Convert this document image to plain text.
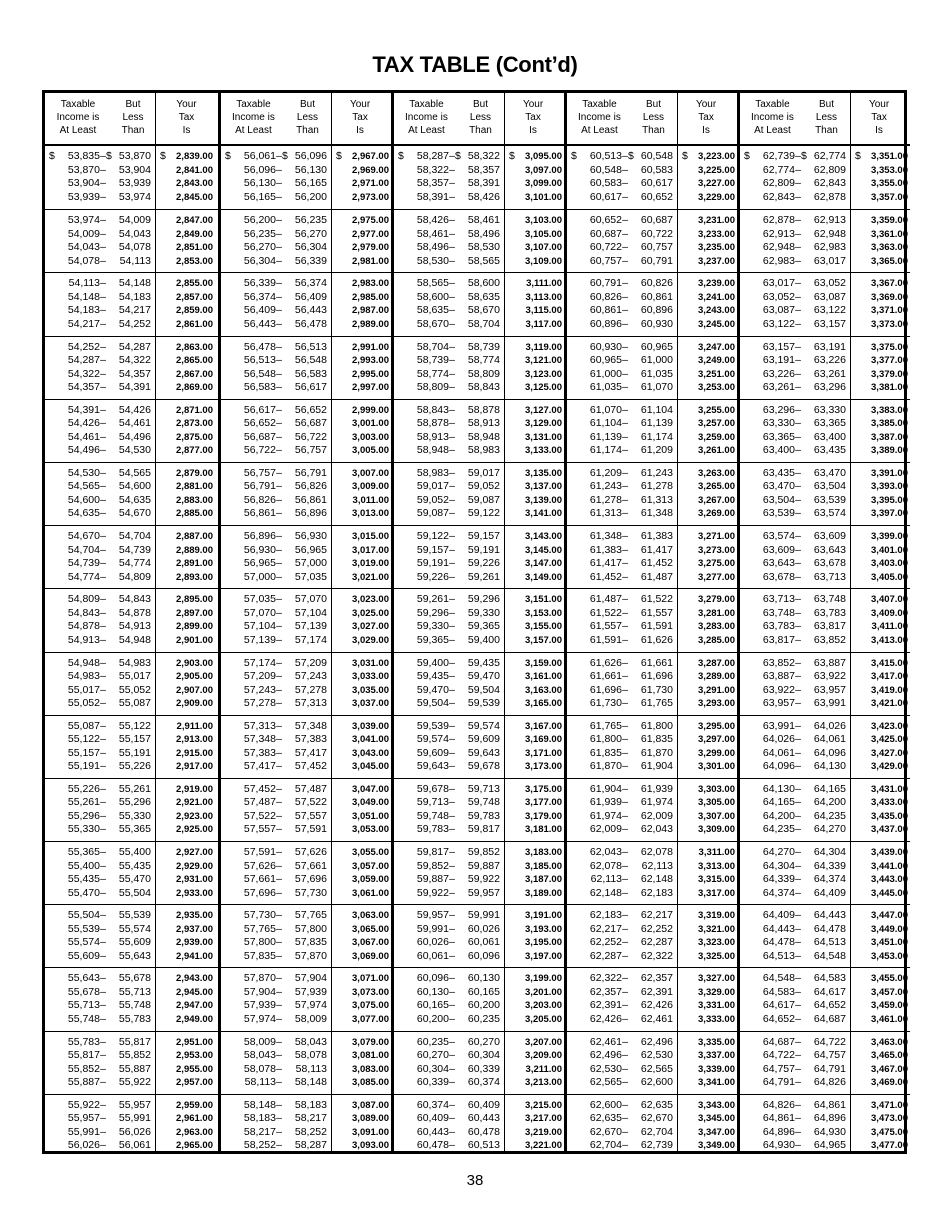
TAX TABLE (Cont’d)
Taxable
Income is
At Least
But
Less
Than
Your
Tax
Is
$	$	$
53,835 –	53,870	2,839.00
53,870 –	53,904	2,841.00
53,904 –	53,939	2,843.00
53,939 –	53,974	2,845.00
53,974 –	54,009	2,847.00
54,009 –	54,043	2,849.00
54,043 –	54,078	2,851.00
54,078 –	54,113	2,853.00
54,113 –	54,148	2,855.00
54,148 –	54,183	2,857.00
54,183 –	54,217	2,859.00
54,217 –	54,252	2,861.00
54,252 –	54,287	2,863.00
54,287 –	54,322	2,865.00
54,322 –	54,357	2,867.00
54,357 –	54,391	2,869.00
54,391 –	54,426	2,871.00
54,426 –	54,461	2,873.00
54,461 –	54,496	2,875.00
54,496 –	54,530	2,877.00
54,530 –	54,565	2,879.00
54,565 –	54,600	2,881.00
54,600 –	54,635	2,883.00
54,635 –	54,670	2,885.00
54,670 –	54,704	2,887.00
54,704 –	54,739	2,889.00
54,739 –	54,774	2,891.00
54,774 –	54,809	2,893.00
54,809 –	54,843	2,895.00
54,843 –	54,878	2,897.00
54,878 –	54,913	2,899.00
54,913 –	54,948	2,901.00
54,948 –	54,983	2,903.00
54,983 –	55,017	2,905.00
55,017 –	55,052	2,907.00
55,052 –	55,087	2,909.00
55,087 –	55,122	2,911.00
55,122 –	55,157	2,913.00
55,157 –	55,191	2,915.00
55,191 –	55,226	2,917.00
55,226 –	55,261	2,919.00
55,261 –	55,296	2,921.00
55,296 –	55,330	2,923.00
55,330 –	55,365	2,925.00
55,365 –	55,400	2,927.00
55,400 –	55,435	2,929.00
55,435 –	55,470	2,931.00
55,470 –	55,504	2,933.00
55,504 –	55,539	2,935.00
55,539 –	55,574	2,937.00
55,574 –	55,609	2,939.00
55,609 –	55,643	2,941.00
55,643 –	55,678	2,943.00
55,678 –	55,713	2,945.00
55,713 –	55,748	2,947.00
55,748 –	55,783	2,949.00
55,783 –	55,817	2,951.00
55,817 –	55,852	2,953.00
55,852 –	55,887	2,955.00
55,887 –	55,922	2,957.00
55,922 –	55,957	2,959.00
55,957 –	55,991	2,961.00
55,991 –	56,026	2,963.00
56,026 –	56,061	2,965.00
Taxable
Income is
At Least
But
Less
Than
Your
Tax
Is
$	$	$
56,061 –	56,096	2,967.00
56,096 –	56,130	2,969.00
56,130 –	56,165	2,971.00
56,165 –	56,200	2,973.00
56,200 –	56,235	2,975.00
56,235 –	56,270	2,977.00
56,270 –	56,304	2,979.00
56,304 –	56,339	2,981.00
56,339 –	56,374	2,983.00
56,374 –	56,409	2,985.00
56,409 –	56,443	2,987.00
56,443 –	56,478	2,989.00
56,478 –	56,513	2,991.00
56,513 –	56,548	2,993.00
56,548 –	56,583	2,995.00
56,583 –	56,617	2,997.00
56,617 –	56,652	2,999.00
56,652 –	56,687	3,001.00
56,687 –	56,722	3,003.00
56,722 –	56,757	3,005.00
56,757 –	56,791	3,007.00
56,791 –	56,826	3,009.00
56,826 –	56,861	3,011.00
56,861 –	56,896	3,013.00
56,896 –	56,930	3,015.00
56,930 –	56,965	3,017.00
56,965 –	57,000	3,019.00
57,000 –	57,035	3,021.00
57,035 –	57,070	3,023.00
57,070 –	57,104	3,025.00
57,104 –	57,139	3,027.00
57,139 –	57,174	3,029.00
57,174 –	57,209	3,031.00
57,209 –	57,243	3,033.00
57,243 –	57,278	3,035.00
57,278 –	57,313	3,037.00
57,313 –	57,348	3,039.00
57,348 –	57,383	3,041.00
57,383 –	57,417	3,043.00
57,417 –	57,452	3,045.00
57,452 –	57,487	3,047.00
57,487 –	57,522	3,049.00
57,522 –	57,557	3,051.00
57,557 –	57,591	3,053.00
57,591 –	57,626	3,055.00
57,626 –	57,661	3,057.00
57,661 –	57,696	3,059.00
57,696 –	57,730	3,061.00
57,730 –	57,765	3,063.00
57,765 –	57,800	3,065.00
57,800 –	57,835	3,067.00
57,835 –	57,870	3,069.00
57,870 –	57,904	3,071.00
57,904 –	57,939	3,073.00
57,939 –	57,974	3,075.00
57,974 –	58,009	3,077.00
58,009 –	58,043	3,079.00
58,043 –	58,078	3,081.00
58,078 –	58,113	3,083.00
58,113 –	58,148	3,085.00
58,148 –	58,183	3,087.00
58,183 –	58,217	3,089.00
58,217 –	58,252	3,091.00
58,252 –	58,287	3,093.00
Taxable
Income is
At Least
But
Less
Than
Your
Tax
Is
$	$	$
58,287 –	58,322	3,095.00
58,322 –	58,357	3,097.00
58,357 –	58,391	3,099.00
58,391 –	58,426	3,101.00
58,426 –	58,461	3,103.00
58,461 –	58,496	3,105.00
58,496 –	58,530	3,107.00
58,530 –	58,565	3,109.00
58,565 –	58,600	3,111.00
58,600 –	58,635	3,113.00
58,635 –	58,670	3,115.00
58,670 –	58,704	3,117.00
58,704 –	58,739	3,119.00
58,739 –	58,774	3,121.00
58,774 –	58,809	3,123.00
58,809 –	58,843	3,125.00
58,843 –	58,878	3,127.00
58,878 –	58,913	3,129.00
58,913 –	58,948	3,131.00
58,948 –	58,983	3,133.00
58,983 –	59,017	3,135.00
59,017 –	59,052	3,137.00
59,052 –	59,087	3,139.00
59,087 –	59,122	3,141.00
59,122 –	59,157	3,143.00
59,157 –	59,191	3,145.00
59,191 –	59,226	3,147.00
59,226 –	59,261	3,149.00
59,261 –	59,296	3,151.00
59,296 –	59,330	3,153.00
59,330 –	59,365	3,155.00
59,365 –	59,400	3,157.00
59,400 –	59,435	3,159.00
59,435 –	59,470	3,161.00
59,470 –	59,504	3,163.00
59,504 –	59,539	3,165.00
59,539 –	59,574	3,167.00
59,574 –	59,609	3,169.00
59,609 –	59,643	3,171.00
59,643 –	59,678	3,173.00
59,678 –	59,713	3,175.00
59,713 –	59,748	3,177.00
59,748 –	59,783	3,179.00
59,783 –	59,817	3,181.00
59,817 –	59,852	3,183.00
59,852 –	59,887	3,185.00
59,887 –	59,922	3,187.00
59,922 –	59,957	3,189.00
59,957 –	59,991	3,191.00
59,991 –	60,026	3,193.00
60,026 –	60,061	3,195.00
60,061 –	60,096	3,197.00
60,096 –	60,130	3,199.00
60,130 –	60,165	3,201.00
60,165 –	60,200	3,203.00
60,200 –	60,235	3,205.00
60,235 –	60,270	3,207.00
60,270 –	60,304	3,209.00
60,304 –	60,339	3,211.00
60,339 –	60,374	3,213.00
60,374 –	60,409	3,215.00
60,409 –	60,443	3,217.00
60,443 –	60,478	3,219.00
60,478 –	60,513	3,221.00
Taxable
Income is
At Least
But
Less
Than
Your
Tax
Is
$	$	$
60,513 –	60,548	3,223.00
60,548 –	60,583	3,225.00
60,583 –	60,617	3,227.00
60,617 –	60,652	3,229.00
60,652 –	60,687	3,231.00
60,687 –	60,722	3,233.00
60,722 –	60,757	3,235.00
60,757 –	60,791	3,237.00
60,791 –	60,826	3,239.00
60,826 –	60,861	3,241.00
60,861 –	60,896	3,243.00
60,896 –	60,930	3,245.00
60,930 –	60,965	3,247.00
60,965 –	61,000	3,249.00
61,000 –	61,035	3,251.00
61,035 –	61,070	3,253.00
61,070 –	61,104	3,255.00
61,104 –	61,139	3,257.00
61,139 –	61,174	3,259.00
61,174 –	61,209	3,261.00
61,209 –	61,243	3,263.00
61,243 –	61,278	3,265.00
61,278 –	61,313	3,267.00
61,313 –	61,348	3,269.00
61,348 –	61,383	3,271.00
61,383 –	61,417	3,273.00
61,417 –	61,452	3,275.00
61,452 –	61,487	3,277.00
61,487 –	61,522	3,279.00
61,522 –	61,557	3,281.00
61,557 –	61,591	3,283.00
61,591 –	61,626	3,285.00
61,626 –	61,661	3,287.00
61,661 –	61,696	3,289.00
61,696 –	61,730	3,291.00
61,730 –	61,765	3,293.00
61,765 –	61,800	3,295.00
61,800 –	61,835	3,297.00
61,835 –	61,870	3,299.00
61,870 –	61,904	3,301.00
61,904 –	61,939	3,303.00
61,939 –	61,974	3,305.00
61,974 –	62,009	3,307.00
62,009 –	62,043	3,309.00
62,043 –	62,078	3,311.00
62,078 –	62,113	3,313.00
62,113 –	62,148	3,315.00
62,148 –	62,183	3,317.00
62,183 –	62,217	3,319.00
62,217 –	62,252	3,321.00
62,252 –	62,287	3,323.00
62,287 –	62,322	3,325.00
62,322 –	62,357	3,327.00
62,357 –	62,391	3,329.00
62,391 –	62,426	3,331.00
62,426 –	62,461	3,333.00
62,461 –	62,496	3,335.00
62,496 –	62,530	3,337.00
62,530 –	62,565	3,339.00
62,565 –	62,600	3,341.00
62,600 –	62,635	3,343.00
62,635 –	62,670	3,345.00
62,670 –	62,704	3,347.00
62,704 –	62,739	3,349.00
Taxable
Income is
At Least
But
Less
Than
Your
Tax
Is
$	$	$
62,739 –	62,774	3,351.00
62,774 –	62,809	3,353.00
62,809 –	62,843	3,355.00
62,843 –	62,878	3,357.00
62,878 –	62,913	3,359.00
62,913 –	62,948	3,361.00
62,948 –	62,983	3,363.00
62,983 –	63,017	3,365.00
63,017 –	63,052	3,367.00
63,052 –	63,087	3,369.00
63,087 –	63,122	3,371.00
63,122 –	63,157	3,373.00
63,157 –	63,191	3,375.00
63,191 –	63,226	3,377.00
63,226 –	63,261	3,379.00
63,261 –	63,296	3,381.00
63,296 –	63,330	3,383.00
63,330 –	63,365	3,385.00
63,365 –	63,400	3,387.00
63,400 –	63,435	3,389.00
63,435 –	63,470	3,391.00
63,470 –	63,504	3,393.00
63,504 –	63,539	3,395.00
63,539 –	63,574	3,397.00
63,574 –	63,609	3,399.00
63,609 –	63,643	3,401.00
63,643 –	63,678	3,403.00
63,678 –	63,713	3,405.00
63,713 –	63,748	3,407.00
63,748 –	63,783	3,409.00
63,783 –	63,817	3,411.00
63,817 –	63,852	3,413.00
63,852 –	63,887	3,415.00
63,887 –	63,922	3,417.00
63,922 –	63,957	3,419.00
63,957 –	63,991	3,421.00
63,991 –	64,026	3,423.00
64,026 –	64,061	3,425.00
64,061 –	64,096	3,427.00
64,096 –	64,130	3,429.00
64,130 –	64,165	3,431.00
64,165 –	64,200	3,433.00
64,200 –	64,235	3,435.00
64,235 –	64,270	3,437.00
64,270 –	64,304	3,439.00
64,304 –	64,339	3,441.00
64,339 –	64,374	3,443.00
64,374 –	64,409	3,445.00
64,409 –	64,443	3,447.00
64,443 –	64,478	3,449.00
64,478 –	64,513	3,451.00
64,513 –	64,548	3,453.00
64,548 –	64,583	3,455.00
64,583 –	64,617	3,457.00
64,617 –	64,652	3,459.00
64,652 –	64,687	3,461.00
64,687 –	64,722	3,463.00
64,722 –	64,757	3,465.00
64,757 –	64,791	3,467.00
64,791 –	64,826	3,469.00
64,826 –	64,861	3,471.00
64,861 –	64,896	3,473.00
64,896 –	64,930	3,475.00
64,930 –	64,965	3,477.00
38
